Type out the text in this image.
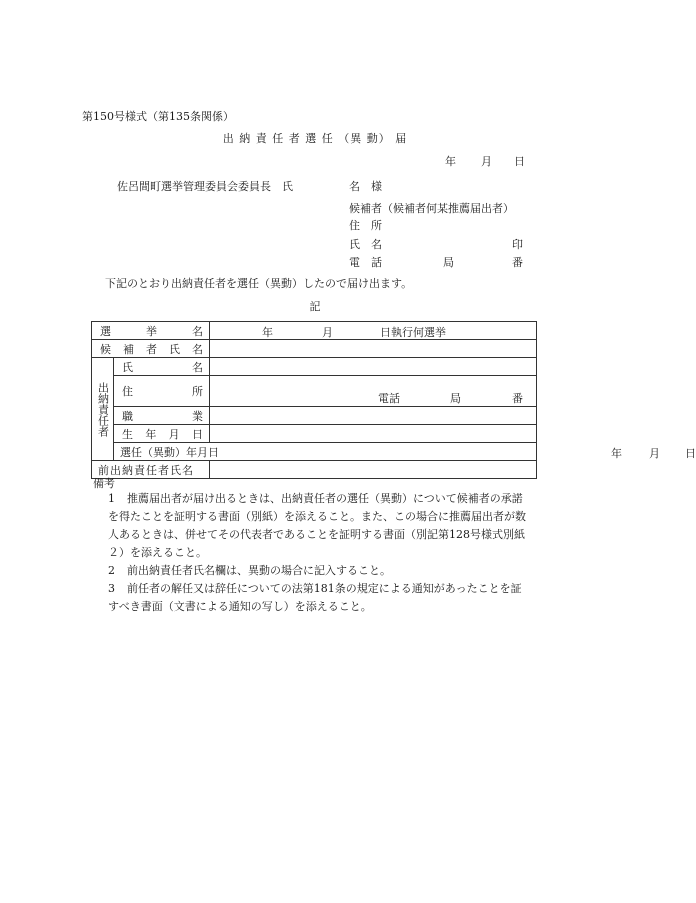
第150号様式（第135条関係）
出 納 責 任 者 選 任 （異 動） 届
年 月 日
佐呂間町選挙管理委員会委員長　氏	名　様
候補者（候補者何某推薦届出者）
住　所
氏　名	印
電　話	局	番
下記のとおり出納責任者を選任（異動）したので届け出ます。
記
選 挙 名		年 月 日執行何選挙	

候 補 者 氏 名			

出納責任者	氏 名		

	住 所	電話 局 番	

	職 業		

	生 年 月 日		

	選任（異動）年月日		年 月 日

前出納責任者氏名			

備考
1	推薦届出者が届け出るときは、出納責任者の選任（異動）について候補者の承諾を得たことを証明する書面（別紙）を添えること。また、この場合に推薦届出者が数人あるときは、併せてその代表者であることを証明する書面（別記第128号様式別紙２）を添えること。
2	前出納責任者氏名欄は、異動の場合に記入すること。
3	前任者の解任又は辞任についての法第181条の規定による通知があったことを証すべき書面（文書による通知の写し）を添えること。
